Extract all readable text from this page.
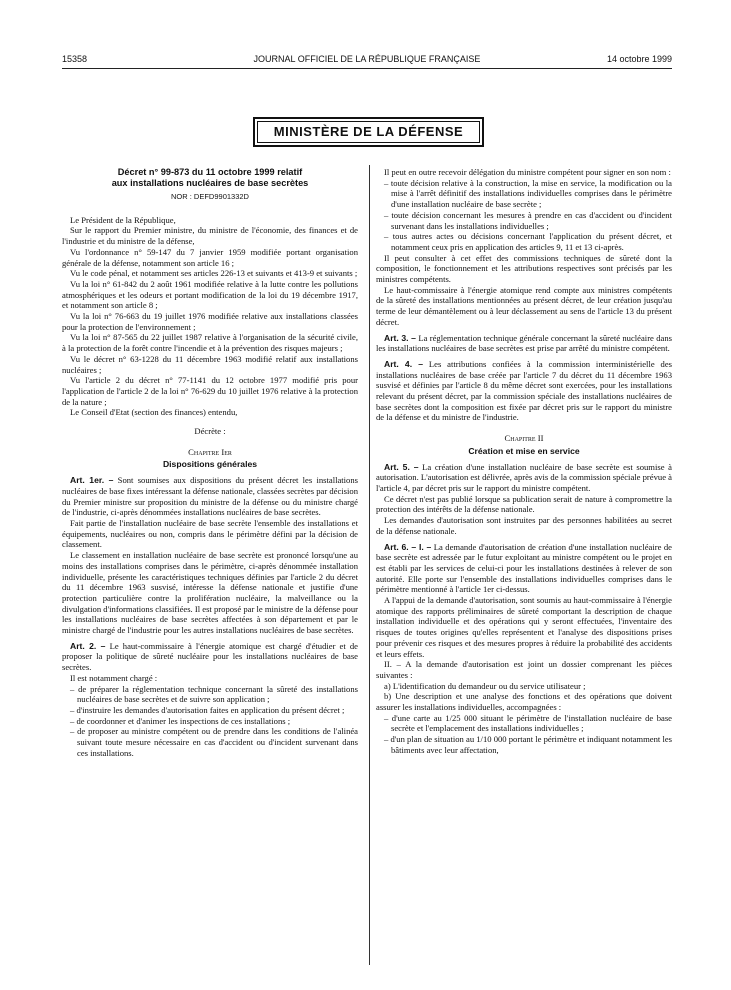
15358	JOURNAL OFFICIEL DE LA RÉPUBLIQUE FRANÇAISE	14 octobre 1999
MINISTÈRE DE LA DÉFENSE

Décret n° 99-873 du 11 octobre 1999 relatif

aux installations nucléaires de base secrètes

NOR : DEFD9901332D

Le Président de la République,

Sur le rapport du Premier ministre, du ministre de l'économie, des finances et de l'industrie et du ministre de la défense,

Vu l'ordonnance n° 59-147 du 7 janvier 1959 modifiée portant organisation générale de la défense, notamment son article 16 ;

Vu le code pénal, et notamment ses articles 226-13 et suivants et 413-9 et suivants ;

Vu la loi n° 61-842 du 2 août 1961 modifiée relative à la lutte contre les pollutions atmosphériques et les odeurs et portant modification de la loi du 19 décembre 1917, et notamment son article 8 ;

Vu la loi n° 76-663 du 19 juillet 1976 modifiée relative aux installations classées pour la protection de l'environnement ;

Vu la loi n° 87-565 du 22 juillet 1987 relative à l'organisation de la sécurité civile, à la protection de la forêt contre l'incendie et à la prévention des risques majeurs ;

Vu le décret n° 63-1228 du 11 décembre 1963 modifié relatif aux installations nucléaires ;

Vu l'article 2 du décret n° 77-1141 du 12 octobre 1977 modifié pris pour l'application de l'article 2 de la loi n° 76-629 du 10 juillet 1976 relative à la protection de la nature ;

Le Conseil d'Etat (section des finances) entendu,

Décrète :

Chapitre Ier

Dispositions générales

Art. 1er. – Sont soumises aux dispositions du présent décret les installations nucléaires de base fixes intéressant la défense nationale, classées secrètes par décision du Premier ministre sur proposition du ministre de la défense ou du ministre chargé de l'industrie, ci-après dénommées installations nucléaires de base secrètes.

Fait partie de l'installation nucléaire de base secrète l'ensemble des installations et équipements, nucléaires ou non, compris dans le périmètre défini par la décision de classement.

Le classement en installation nucléaire de base secrète est prononcé lorsqu'une au moins des installations comprises dans le périmètre, ci-après dénommée installation individuelle, présente les caractéristiques techniques définies par l'article 2 du décret du 11 décembre 1963 susvisé, intéresse la défense nationale et justifie d'une protection particulière contre la prolifération nucléaire, la malveillance ou la divulgation d'informations classifiées. Il est proposé par le ministre de la défense pour les installations nucléaires de base secrètes affectées à son département et par le ministre chargé de l'industrie pour les autres installations nucléaires de base secrètes.

Art. 2. – Le haut-commissaire à l'énergie atomique est chargé d'étudier et de proposer la politique de sûreté nucléaire pour les installations nucléaires de base secrètes.

Il est notamment chargé :

– de préparer la réglementation technique concernant la sûreté des installations nucléaires de base secrètes et de suivre son application ;

– d'instruire les demandes d'autorisation faites en application du présent décret ;

– de coordonner et d'animer les inspections de ces installations ;

– de proposer au ministre compétent ou de prendre dans les conditions de l'alinéa suivant toute mesure nécessaire en cas d'accident ou d'incident survenant dans ces installations.

Il peut en outre recevoir délégation du ministre compétent pour signer en son nom :

– toute décision relative à la construction, la mise en service, la modification ou la mise à l'arrêt définitif des installations individuelles comprises dans le périmètre d'une installation nucléaire de base secrète ;

– toute décision concernant les mesures à prendre en cas d'accident ou d'incident survenant dans les installations individuelles ;

– tous autres actes ou décisions concernant l'application du présent décret, et notamment ceux pris en application des articles 9, 11 et 13 ci-après.

Il peut consulter à cet effet des commissions techniques de sûreté dont la composition, le fonctionnement et les attributions respectives sont précisés par les ministres compétents.

Le haut-commissaire à l'énergie atomique rend compte aux ministres compétents de la sûreté des installations mentionnées au présent décret, de leur création jusqu'au terme de leur démantèlement ou à leur déclassement au sens de l'article 13 du présent décret.

Art. 3. – La réglementation technique générale concernant la sûreté nucléaire dans les installations nucléaires de base secrètes est prise par arrêté du ministre compétent.

Art. 4. – Les attributions confiées à la commission interministérielle des installations nucléaires de base créée par l'article 7 du décret du 11 décembre 1963 susvisé et définies par l'article 8 du même décret sont exercées, pour les installations relevant du présent décret, par la commission spéciale des installations nucléaires de base secrètes dont la composition est fixée par décret pris sur le rapport du ministre de la défense et du ministre de l'industrie.

Chapitre II

Création et mise en service

Art. 5. – La création d'une installation nucléaire de base secrète est soumise à autorisation. L'autorisation est délivrée, après avis de la commission spéciale prévue à l'article 4, par décret pris sur le rapport du ministre compétent.

Ce décret n'est pas publié lorsque sa publication serait de nature à compromettre la protection des intérêts de la défense nationale.

Les demandes d'autorisation sont instruites par des personnes habilitées au secret de la défense nationale.

Art. 6. – I. – La demande d'autorisation de création d'une installation nucléaire de base secrète est adressée par le futur exploitant au ministre compétent ou le projet en est établi par les services de celui-ci pour les installations destinées à relever de son autorité. Elle porte sur l'ensemble des installations individuelles comprises dans le périmètre mentionné à l'article 1er ci-dessus.

A l'appui de la demande d'autorisation, sont soumis au haut-commissaire à l'énergie atomique des rapports préliminaires de sûreté comportant la description de chaque installation individuelle et des opérations qui y seront effectuées, l'inventaire des risques de toutes origines qu'elles représentent et l'analyse des dispositions prises pour prévenir ces risques et des mesures propres à réduire la probabilité des accidents et leurs effets.

II. – A la demande d'autorisation est joint un dossier comprenant les pièces suivantes :

a) L'identification du demandeur ou du service utilisateur ;

b) Une description et une analyse des fonctions et des opérations que doivent assurer les installations individuelles, accompagnées :

– d'une carte au 1/25 000 situant le périmètre de l'installation nucléaire de base secrète et l'emplacement des installations individuelles ;

– d'un plan de situation au 1/10 000 portant le périmètre et indiquant notamment les bâtiments avec leur affectation,
